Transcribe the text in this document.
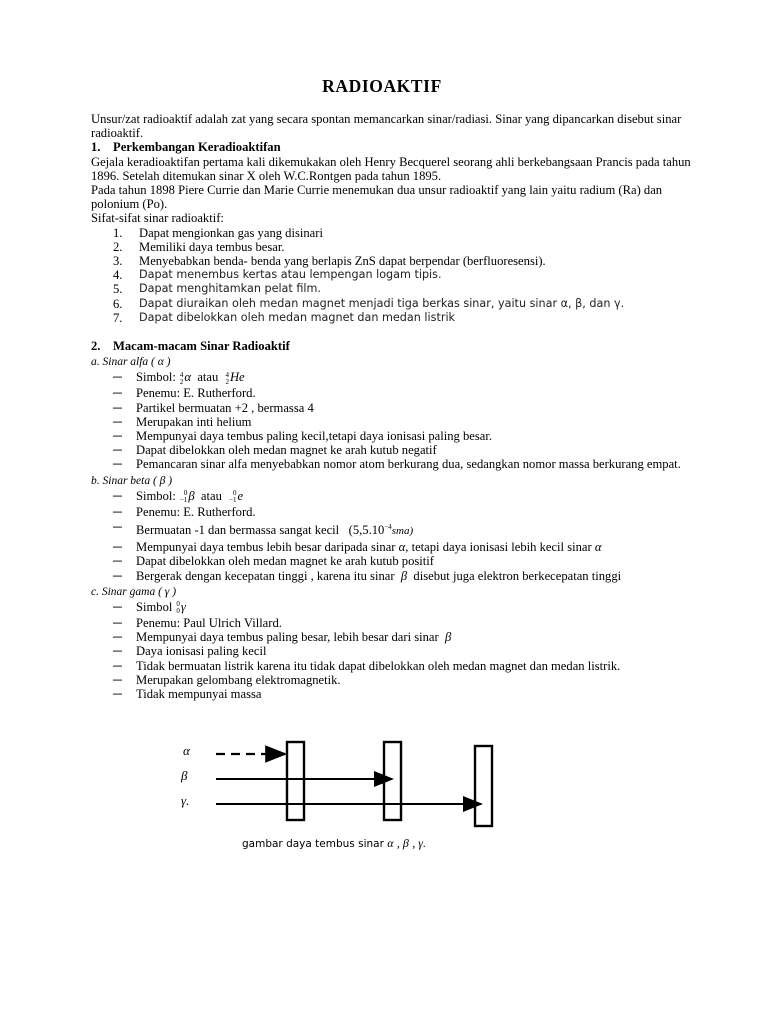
RADIOAKTIF

Unsur/zat radioaktif adalah zat yang secara spontan memancarkan sinar/radiasi. Sinar yang dipancarkan disebut sinar radioaktif.

1. Perkembangan Keradioaktifan

Gejala keradioaktifan pertama kali dikemukakan oleh Henry Becquerel seorang ahli berkebangsaan Prancis pada tahun 1896. Setelah ditemukan sinar X oleh W.C.Rontgen pada tahun 1895.

Pada tahun 1898 Piere Currie dan Marie Currie menemukan dua unsur radioaktif yang lain yaitu radium (Ra) dan polonium (Po).

Sifat-sifat sinar radioaktif:

1.	Dapat mengionkan gas yang disinari
2.	Memiliki daya tembus besar.
3.	Menyebabkan benda- benda yang berlapis ZnS dapat berpendar (berfluoresensi).
4.	Dapat menembus kertas atau lempengan logam tipis.
5.	Dapat menghitamkan pelat film.
6.	Dapat diuraikan oleh medan magnet menjadi tiga berkas sinar, yaitu sinar α, β, dan γ.
7.	Dapat dibelokkan oleh medan magnet dan medan listrik

2. Macam-macam Sinar Radioaktif

a. Sinar alfa ( α )

─ Simbol: 4
2α atau 4
2He
─ Penemu: E. Rutherford.
─ Partikel bermuatan +2 , bermassa 4
─ Merupakan inti helium
─ Mempunyai daya tembus paling kecil,tetapi daya ionisasi paling besar.
─ Dapat dibelokkan oleh medan magnet ke arah kutub negatif
─ Pemancaran sinar alfa menyebabkan nomor atom berkurang dua, sedangkan nomor massa berkurang empat.

b. Sinar beta ( β )

─ Simbol: 0
−1β atau 0
−1e
─ Penemu: E. Rutherford.
─ Bermuatan -1 dan bermassa sangat kecil $(5,5.10^{-4}sma)$
─ Mempunyai daya tembus lebih besar daripada sinar α, tetapi daya ionisasi lebih kecil sinar α
─ Dapat dibelokkan oleh medan magnet ke arah kutub positif
─ Bergerak dengan kecepatan tinggi , karena itu sinar β disebut juga elektron berkecepatan tinggi

c. Sinar gama ( γ )

─ Simbol 0
0γ
─ Penemu: Paul Ulrich Villard.
─ Mempunyai daya tembus paling besar, lebih besar dari sinar β
─ Daya ionisasi paling kecil
─ Tidak bermuatan listrik karena itu tidak dapat dibelokkan oleh medan magnet dan medan listrik.
─ Merupakan gelombang elektromagnetik.
─ Tidak mempunyai massa
α
β
γ.
gambar daya tembus sinar α , β , γ.
